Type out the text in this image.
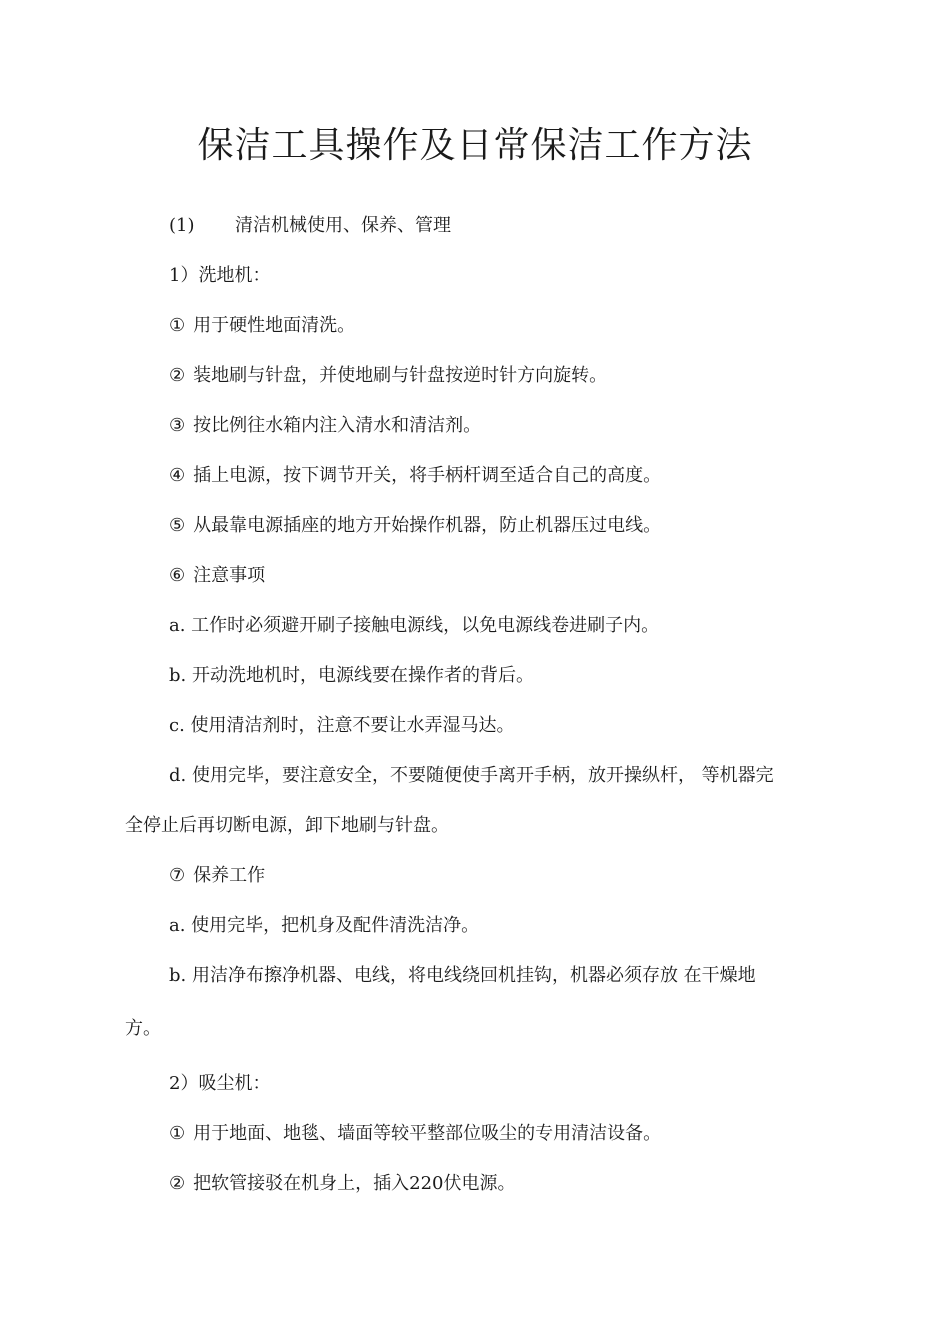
保洁工具操作及日常保洁工作方法

(1) 清洁机械使用、保养、管理

1）洗地机：

① 用于硬性地面清洗。

② 装地刷与针盘，并使地刷与针盘按逆时针方向旋转。

③ 按比例往水箱内注入清水和清洁剂。

④ 插上电源，按下调节开关，将手柄杆调至适合自己的高度。

⑤ 从最靠电源插座的地方开始操作机器，防止机器压过电线。

⑥ 注意事项

a. 工作时必须避开刷子接触电源线，以免电源线卷进刷子内。

b. 开动洗地机时，电源线要在操作者的背后。

c. 使用清洁剂时，注意不要让水弄湿马达。

d. 使用完毕，要注意安全，不要随便使手离开手柄，放开操纵杆， 等机器完

全停止后再切断电源，卸下地刷与针盘。

⑦ 保养工作

a. 使用完毕，把机身及配件清洗洁净。

b. 用洁净布擦净机器、电线，将电线绕回机挂钩，机器必须存放 在干燥地

方。

2）吸尘机：

① 用于地面、地毯、墙面等较平整部位吸尘的专用清洁设备。

② 把软管接驳在机身上，插入220伏电源。
